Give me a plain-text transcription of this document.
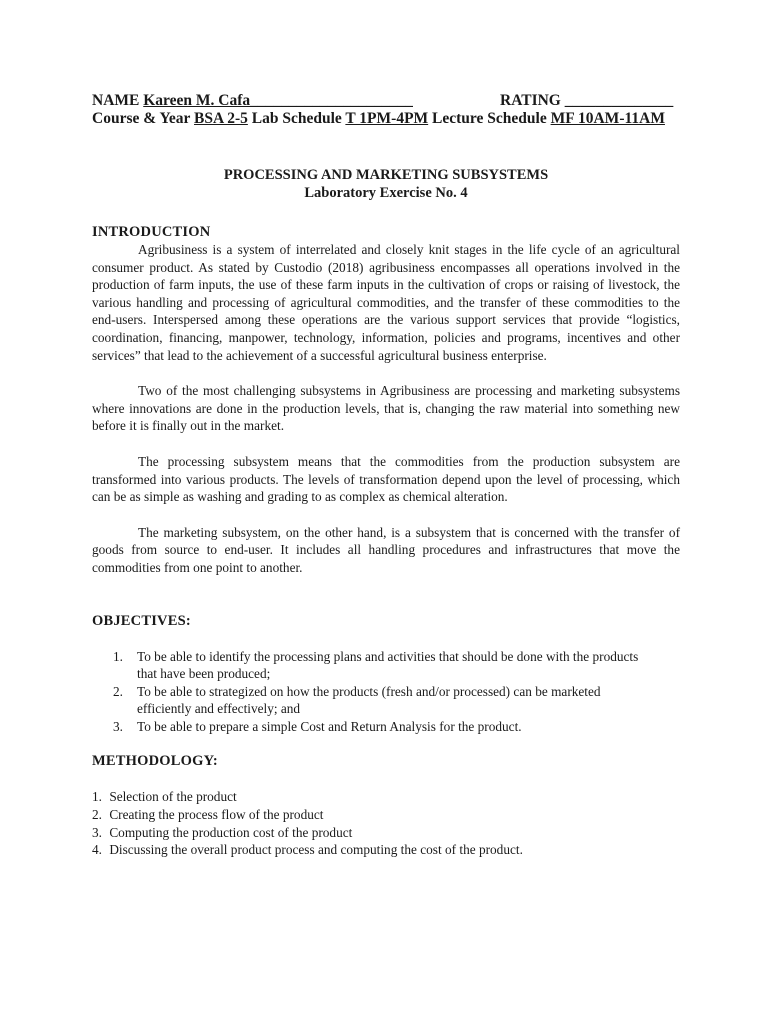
NAME Kareen M. Cafa_____________________	RATING ______________
Course & Year BSA 2-5 Lab Schedule T 1PM-4PM Lecture Schedule MF 10AM-11AM
PROCESSING AND MARKETING SUBSYSTEMS
Laboratory Exercise No. 4
INTRODUCTION

Agribusiness is a system of interrelated and closely knit stages in the life cycle of an agricultural consumer product. As stated by Custodio (2018) agribusiness encompasses all operations involved in the production of farm inputs, the use of these farm inputs in the cultivation of crops or raising of livestock, the various handling and processing of agricultural commodities, and the transfer of these commodities to the end-users. Interspersed among these operations are the various support services that provide “logistics, coordination, financing, manpower, technology, information, policies and programs, incentives and other services” that lead to the achievement of a successful agricultural business enterprise.

Two of the most challenging subsystems in Agribusiness are processing and marketing subsystems where innovations are done in the production levels, that is, changing the raw material into something new before it is finally out in the market.

The processing subsystem means that the commodities from the production subsystem are transformed into various products. The levels of transformation depend upon the level of processing, which can be as simple as washing and grading to as complex as chemical alteration.

The marketing subsystem, on the other hand, is a subsystem that is concerned with the transfer of goods from source to end-user. It includes all handling procedures and infrastructures that move the commodities from one point to another.

OBJECTIVES:
1. To be able to identify the processing plans and activities that should be done with the products that have been produced;
2. To be able to strategized on how the products (fresh and/or processed) can be marketed efficiently and effectively; and
3. To be able to prepare a simple Cost and Return Analysis for the product.
METHODOLOGY:
1. Selection of the product
2. Creating the process flow of the product
3. Computing the production cost of the product
4. Discussing the overall product process and computing the cost of the product.
